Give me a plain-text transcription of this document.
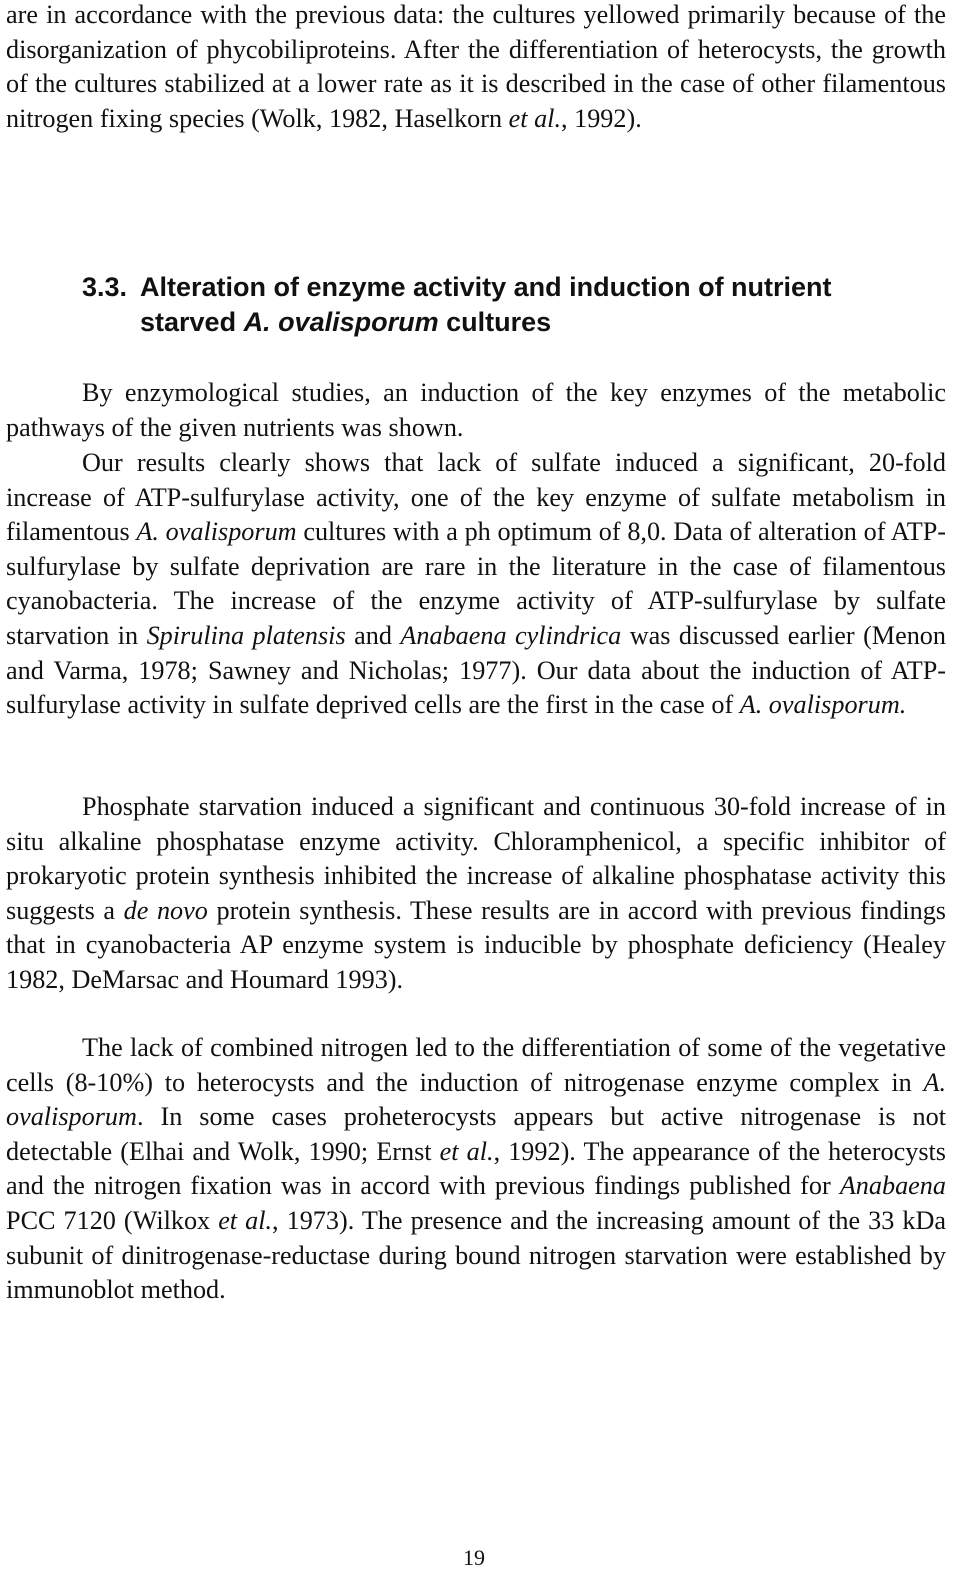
are in accordance with the previous data: the cultures yellowed primarily because of the disorganization of phycobiliproteins. After the differentiation of heterocysts, the growth of the cultures stabilized at a lower rate as it is described in the case of other filamentous nitrogen fixing species (Wolk, 1982, Haselkorn et al., 1992).

3.3. Alteration of enzyme activity and induction of nutrient
starved A. ovalisporum cultures

By enzymological studies, an induction of the key enzymes of the metabolic pathways of the given nutrients was shown.

Our results clearly shows that lack of sulfate induced a significant, 20-fold increase of ATP-sulfurylase activity, one of the key enzyme of sulfate metabolism in filamentous A. ovalisporum cultures with a ph optimum of 8,0. Data of alteration of ATP-sulfurylase by sulfate deprivation are rare in the literature in the case of filamentous cyanobacteria. The increase of the enzyme activity of ATP-sulfurylase by sulfate starvation in Spirulina platensis and Anabaena cylindrica was discussed earlier (Menon and Varma, 1978; Sawney and Nicholas; 1977). Our data about the induction of ATP-sulfurylase activity in sulfate deprived cells are the first in the case of A. ovalisporum.

Phosphate starvation induced a significant and continuous 30-fold increase of in situ alkaline phosphatase enzyme activity. Chloramphenicol, a specific inhibitor of prokaryotic protein synthesis inhibited the increase of alkaline phosphatase activity this suggests a de novo protein synthesis. These results are in accord with previous findings that in cyanobacteria AP enzyme system is inducible by phosphate deficiency (Healey 1982, DeMarsac and Houmard 1993).

The lack of combined nitrogen led to the differentiation of some of the vegetative cells (8-10%) to heterocysts and the induction of nitrogenase enzyme complex in A. ovalisporum. In some cases proheterocysts appears but active nitrogenase is not detectable (Elhai and Wolk, 1990; Ernst et al., 1992). The appearance of the heterocysts and the nitrogen fixation was in accord with previous findings published for Anabaena PCC 7120 (Wilkox et al., 1973). The presence and the increasing amount of the 33 kDa subunit of dinitrogenase-reductase during bound nitrogen starvation were established by immunoblot method.

19
